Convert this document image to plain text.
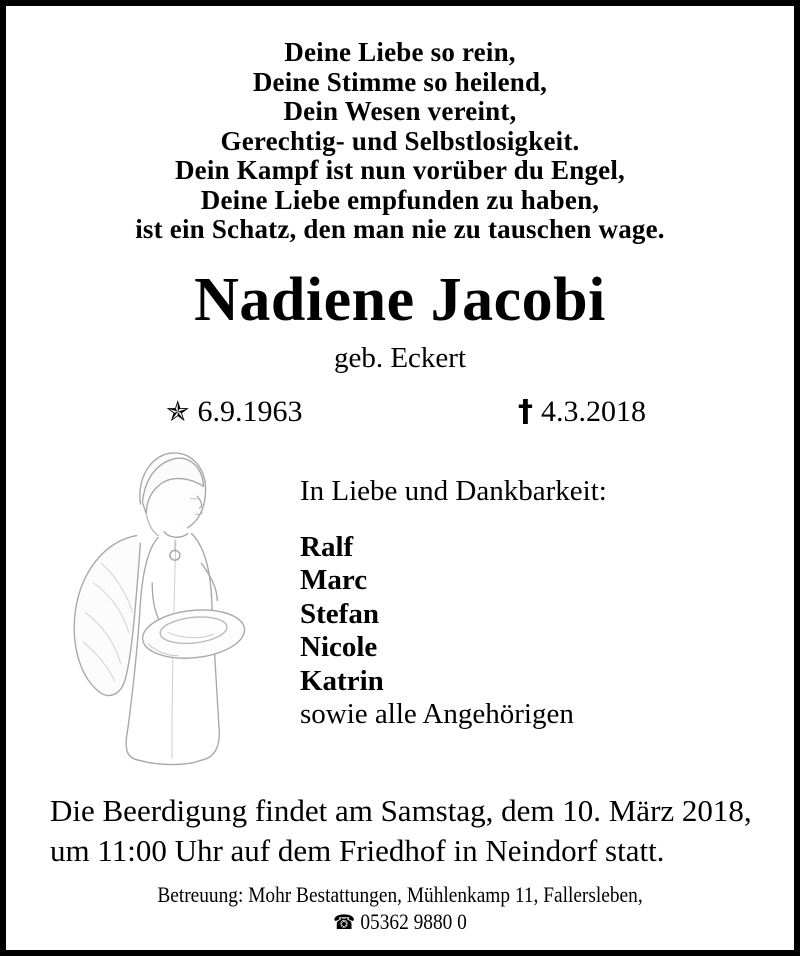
Deine Liebe so rein,
Deine Stimme so heilend,
Dein Wesen vereint,
Gerechtig- und Selbstlosigkeit.
Dein Kampf ist nun vorüber du Engel,
Deine Liebe empfunden zu haben,
ist ein Schatz, den man nie zu tauschen wage.
Nadiene Jacobi
geb. Eckert
✯ 6.9.1963	† 4.3.2018
In Liebe und Dankbarkeit:
Ralf
Marc
Stefan
Nicole
Katrin
sowie alle Angehörigen
Die Beerdigung findet am Samstag, dem 10. März 2018,
um 11:00 Uhr auf dem Friedhof in Neindorf statt.
Betreuung: Mohr Bestattungen, Mühlenkamp 11, Fallersleben,
☎ 05362 9880 0
